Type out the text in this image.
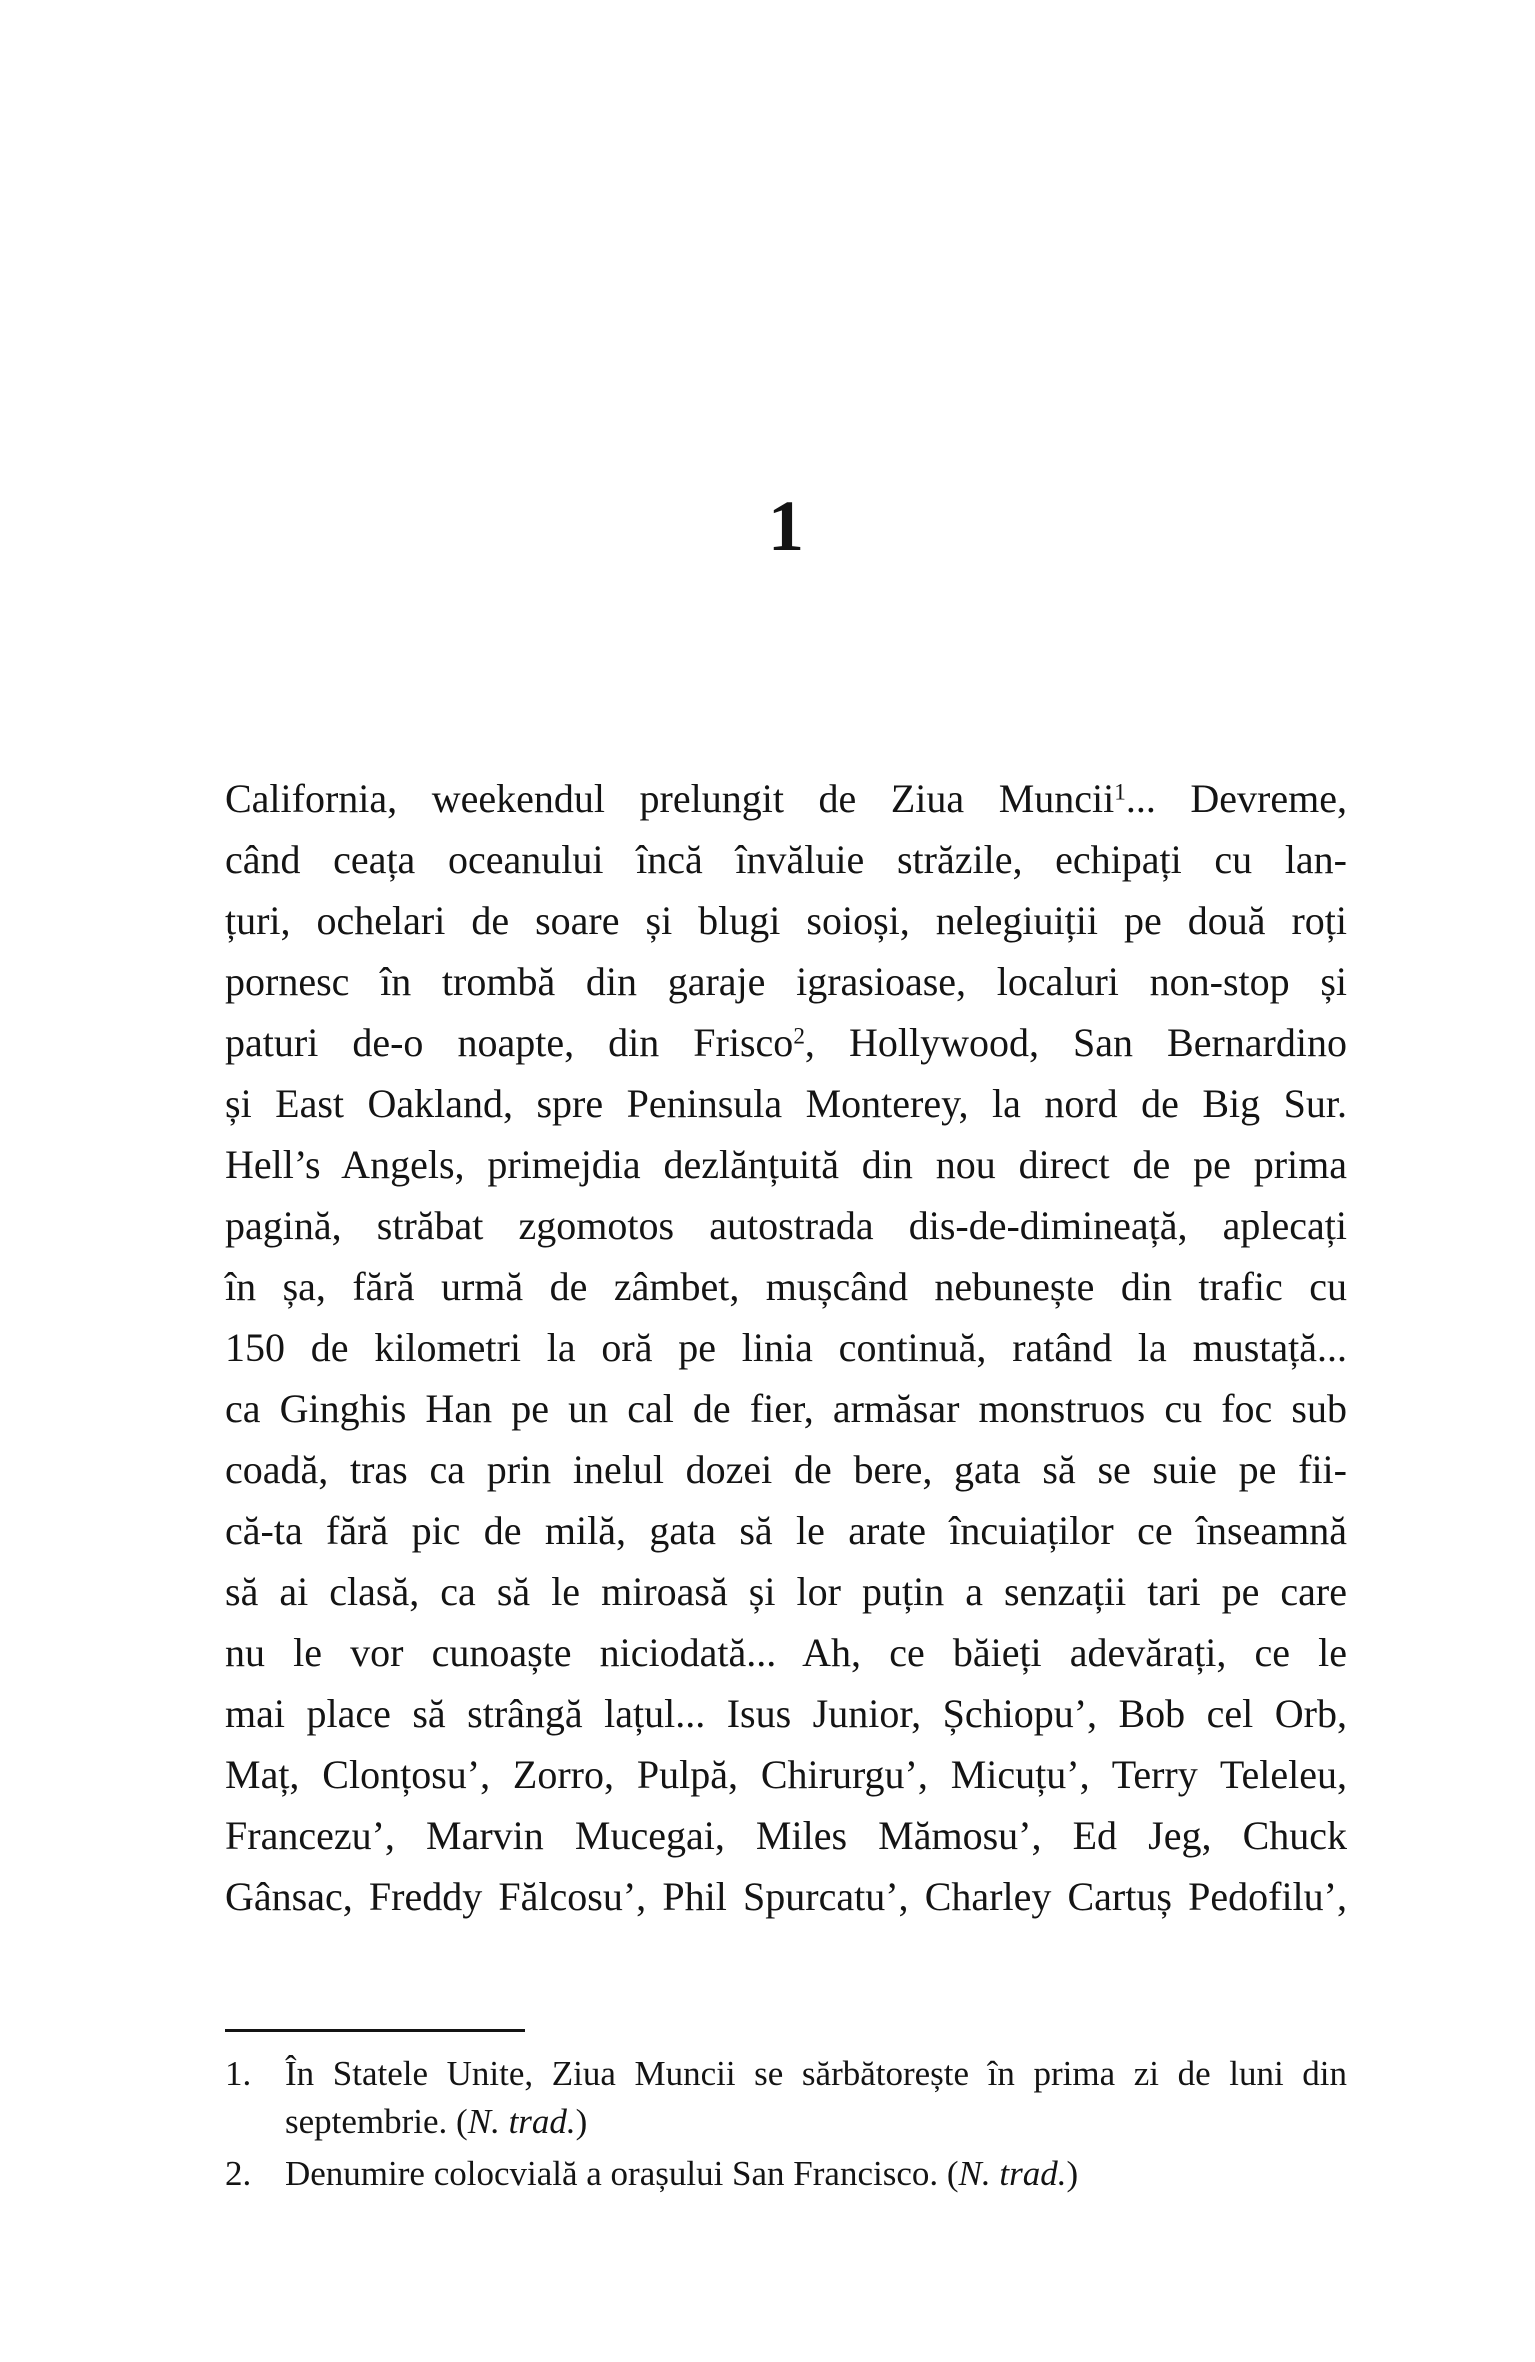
1
California, weekendul prelungit de Ziua Muncii$^1$... Devreme,
când ceața oceanului încă învăluie străzile, echipați cu lan-
țuri, ochelari de soare și blugi soioși, nelegiuiții pe două roți
pornesc în trombă din garaje igrasioase, localuri non-stop și
paturi de-o noapte, din Frisco$^2$, Hollywood, San Bernardino
și East Oakland, spre Peninsula Monterey, la nord de Big Sur.
Hell’s Angels, primejdia dezlănțuită din nou direct de pe prima
pagină, străbat zgomotos autostrada dis-de-dimineață, aplecați
în șa, fără urmă de zâmbet, mușcând nebunește din trafic cu
150 de kilometri la oră pe linia continuă, ratând la mustață...
ca Ginghis Han pe un cal de fier, armăsar monstruos cu foc sub
coadă, tras ca prin inelul dozei de bere, gata să se suie pe fii-
că-ta fără pic de milă, gata să le arate încuiaților ce înseamnă
să ai clasă, ca să le miroasă și lor puțin a senzații tari pe care
nu le vor cunoaște niciodată... Ah, ce băieți adevărați, ce le
mai place să strângă lațul... Isus Junior, Șchiopu’, Bob cel Orb,
Maț, Clonțosu’, Zorro, Pulpă, Chirurgu’, Micuțu’, Terry Teleleu,
Francezu’, Marvin Mucegai, Miles Mămosu’, Ed Jeg, Chuck
Gânsac, Freddy Fălcosu’, Phil Spurcatu’, Charley Cartuș Pedofilu’,
1. În Statele Unite, Ziua Muncii se sărbătorește în prima zi de luni din septembrie. (N. trad.)
2. Denumire colocvială a orașului San Francisco. (N. trad.)
